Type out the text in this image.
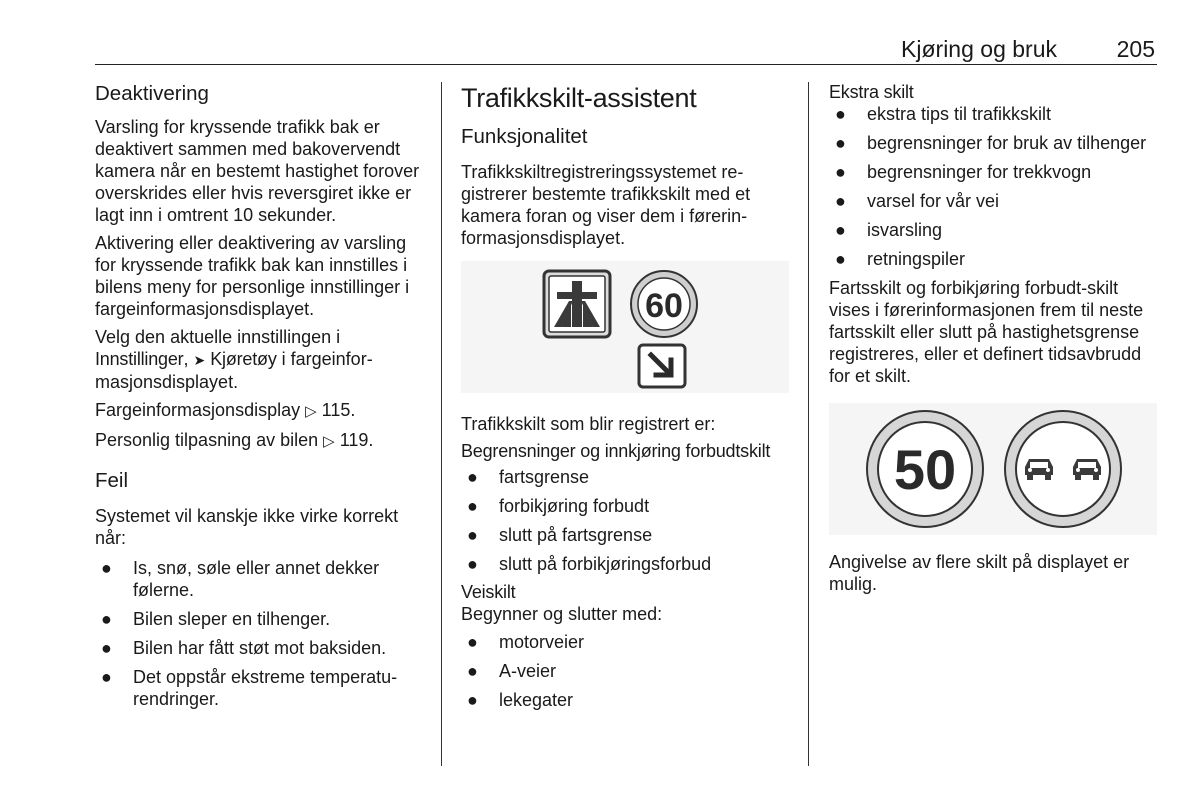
Kjøring og bruk	205
Deaktivering

Varsling for kryssende trafikk bak er deaktivert sammen med bakovervendt kamera når en bestemt hastighet forover overskrides eller hvis reversgiret ikke er lagt inn i omtrent 10 sekunder.

Aktivering eller deaktivering av varsling for kryssende trafikk bak kan innstilles i bilens meny for personlige innstillinger i fargeinformasjonsdisplayet.

Velg den aktuelle innstillingen i Innstillinger, ➤ Kjøretøy i fargeinformasjonsdisplayet.

Fargeinformasjonsdisplay ▷ 115.

Personlig tilpasning av bilen ▷ 119.

Feil

Systemet vil kanskje ikke virke korrekt når:

● Is, snø, søle eller annet dekker følerne.
● Bilen sleper en tilhenger.
● Bilen har fått støt mot baksiden.
● Det oppstår ekstreme temperaturendringer.
Trafikkskilt-assistent
Funksjonalitet

Trafikkskiltregistreringssystemet registrerer bestemte trafikkskilt med et kamera foran og viser dem i førerinformasjonsdisplayet.

60

Trafikkskilt som blir registrert er:

Begrensninger og innkjøring forbudtskilt

● fartsgrense
● forbikjøring forbudt
● slutt på fartsgrense
● slutt på forbikjøringsforbud

Veiskilt

Begynner og slutter med:

● motorveier
● A-veier
● lekegater

Ekstra skilt

● ekstra tips til trafikkskilt
● begrensninger for bruk av tilhenger
● begrensninger for trekkvogn
● varsel for vår vei
● isvarsling
● retningspiler

Fartsskilt og forbikjøring forbudt-skilt vises i førerinformasjonen frem til neste fartsskilt eller slutt på hastighetsgrense registreres, eller et definert tidsavbrudd for et skilt.

50

Angivelse av flere skilt på displayet er mulig.
